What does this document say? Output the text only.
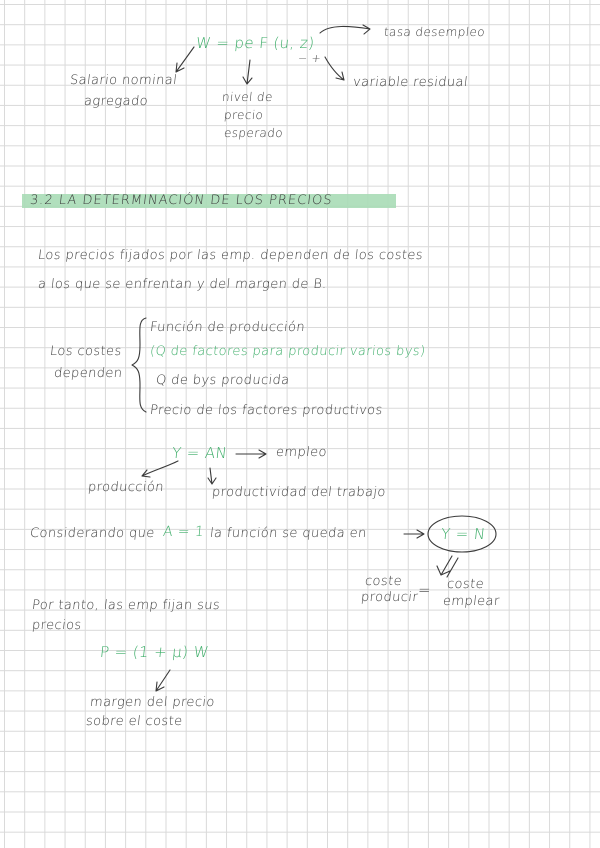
W = pe F (u, z)
− +
tasa desempleo
Salario nominal
agregado	nivel de
precio
esperado
variable residual
3.2 LA DETERMINACIÓN DE LOS PRECIOS
Los precios fijados por las emp. dependen de los costes
a los que se enfrentan y del margen de B.
Los costes
dependen
Función de producción
(Q de factores para producir varios bys)
Q de bys producida
Precio de los factores productivos
Y = AN	empleo
producción	productividad del trabajo
Considerando que A = 1 la función se queda en	Y = N
coste
producir
= coste
emplear
Por tanto, las emp fijan sus
precios
P = (1 + μ) W
margen del precio
sobre el coste
